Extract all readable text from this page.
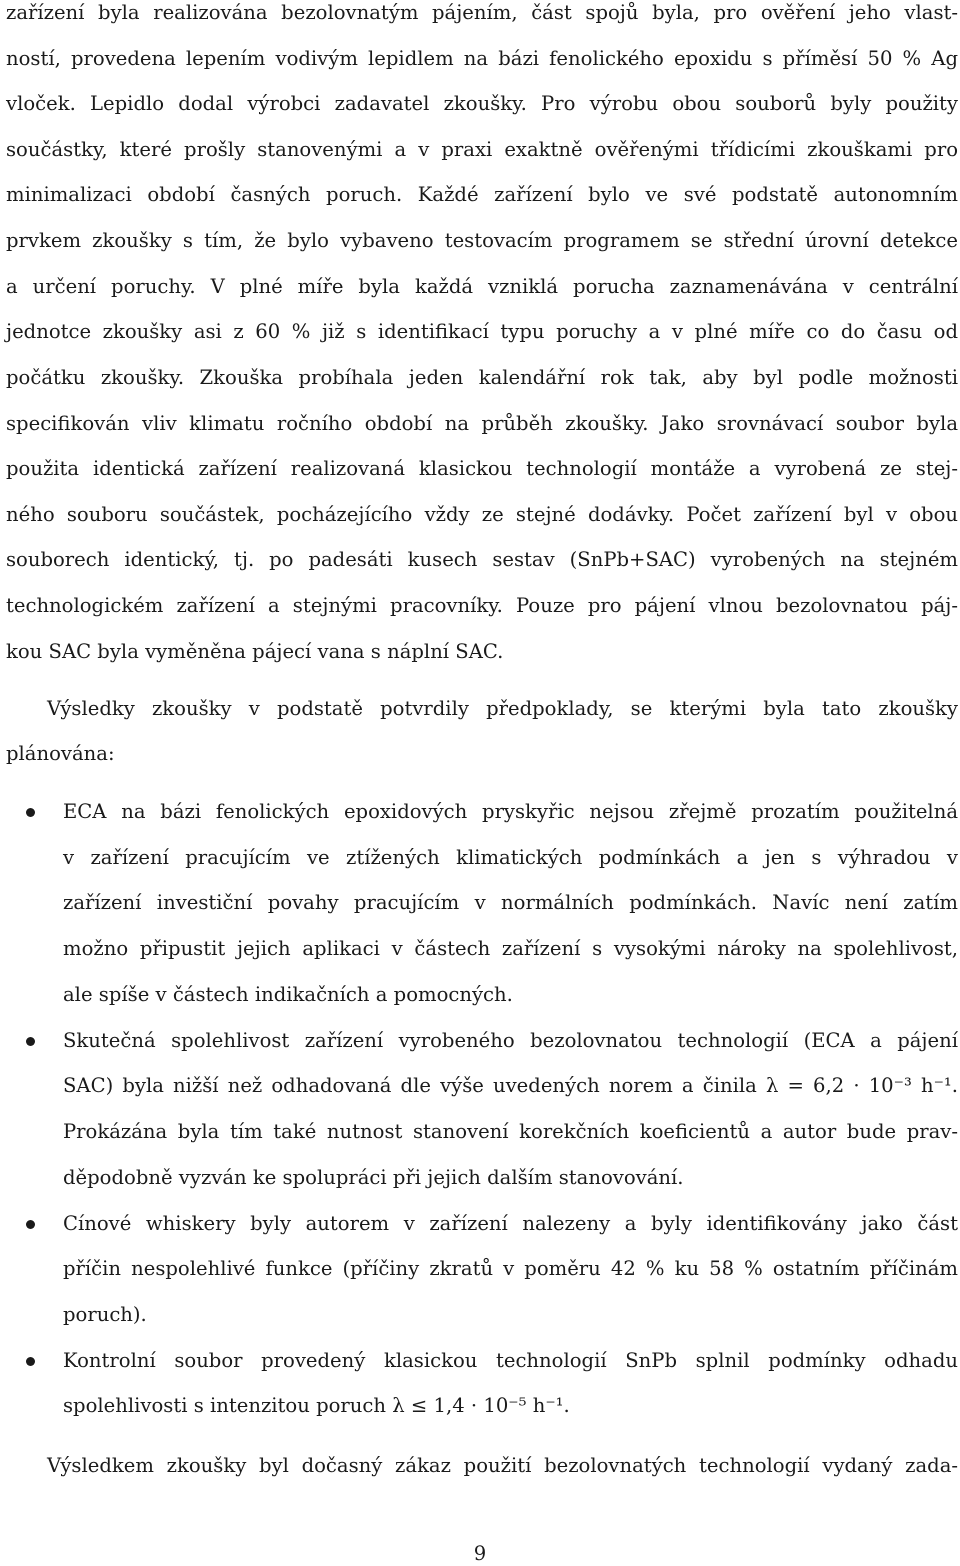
zařízení byla realizována bezolovnatým pájením, část spojů byla, pro ověření jeho vlast-
ností, provedena lepením vodivým lepidlem na bázi fenolického epoxidu s příměsí 50 % Ag
vloček. Lepidlo dodal výrobci zadavatel zkoušky. Pro výrobu obou souborů byly použity
součástky, které prošly stanovenými a v praxi exaktně ověřenými třídicími zkouškami pro
minimalizaci období časných poruch. Každé zařízení bylo ve své podstatě autonomním
prvkem zkoušky s tím, že bylo vybaveno testovacím programem se střední úrovní detekce
a určení poruchy. V plné míře byla každá vzniklá porucha zaznamenávána v centrální
jednotce zkoušky asi z 60 % již s identifikací typu poruchy a v plné míře co do času od
počátku zkoušky. Zkouška probíhala jeden kalendářní rok tak, aby byl podle možnosti
specifikován vliv klimatu ročního období na průběh zkoušky. Jako srovnávací soubor byla
použita identická zařízení realizovaná klasickou technologií montáže a vyrobená ze stej-
ného souboru součástek, pocházejícího vždy ze stejné dodávky. Počet zařízení byl v obou
souborech identický, tj. po padesáti kusech sestav (SnPb+SAC) vyrobených na stejném
technologickém zařízení a stejnými pracovníky. Pouze pro pájení vlnou bezolovnatou páj-
kou SAC byla vyměněna pájecí vana s náplní SAC.
Výsledky zkoušky v podstatě potvrdily předpoklady, se kterými byla tato zkoušky
plánována:
ECA na bázi fenolických epoxidových pryskyřic nejsou zřejmě prozatím použitelná
v zařízení pracujícím ve ztížených klimatických podmínkách a jen s výhradou v
zařízení investiční povahy pracujícím v normálních podmínkách. Navíc není zatím
možno připustit jejich aplikaci v částech zařízení s vysokými nároky na spolehlivost,
ale spíše v částech indikačních a pomocných.
Skutečná spolehlivost zařízení vyrobeného bezolovnatou technologií (ECA a pájení
SAC) byla nižší než odhadovaná dle výše uvedených norem a činila λ = 6,2 · 10⁻³ h⁻¹.
Prokázána byla tím také nutnost stanovení korekčních koeficientů a autor bude prav-
děpodobně vyzván ke spolupráci při jejich dalším stanovování.
Cínové whiskery byly autorem v zařízení nalezeny a byly identifikovány jako část
příčin nespolehlivé funkce (příčiny zkratů v poměru 42 % ku 58 % ostatním příčinám
poruch).
Kontrolní soubor provedený klasickou technologií SnPb splnil podmínky odhadu
spolehlivosti s intenzitou poruch λ ≤ 1,4 · 10⁻⁵ h⁻¹.
Výsledkem zkoušky byl dočasný zákaz použití bezolovnatých technologií vydaný zada-
9
